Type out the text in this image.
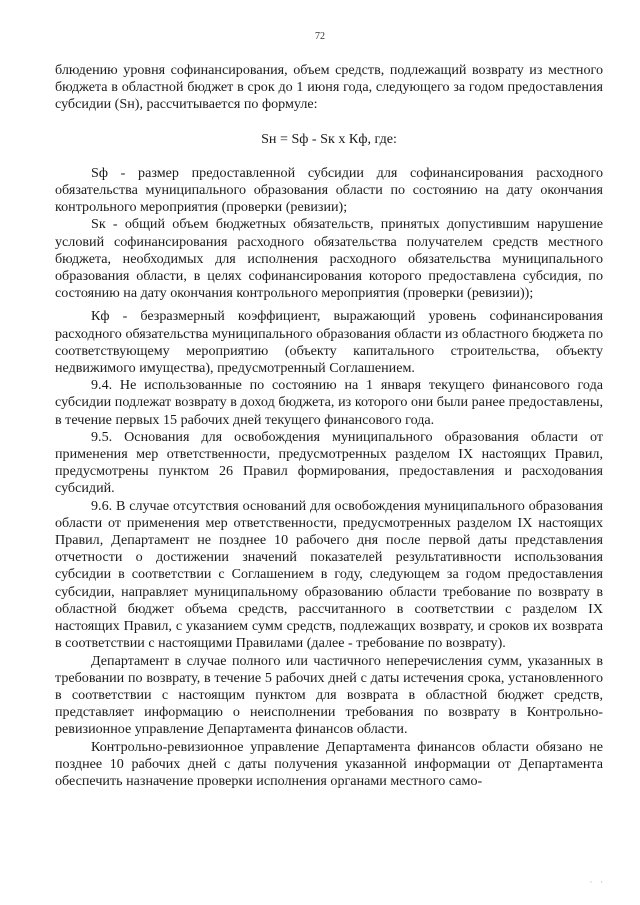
72

блюдению уровня софинансирования, объем средств, подлежащий возврату из местного бюджета в областной бюджет в срок до 1 июня года, следующего за годом предоставления субсидии (Sн), рассчитывается по формуле:

Sн = Sф - Sк х Кф, где:

Sф - размер предоставленной субсидии для софинансирования расходного обязательства муниципального образования области по состоянию на дату окончания контрольного мероприятия (проверки (ревизии);

Sк - общий объем бюджетных обязательств, принятых допустившим нарушение условий софинансирования расходного обязательства получателем средств местного бюджета, необходимых для исполнения расходного обязательства муниципального образования области, в целях софинансирования которого предоставлена субсидия, по состоянию на дату окончания контрольного мероприятия (проверки (ревизии));

Кф - безразмерный коэффициент, выражающий уровень софинансирования расходного обязательства муниципального образования области из областного бюджета по соответствующему мероприятию (объекту капитального строительства, объекту недвижимого имущества), предусмотренный Соглашением.

9.4. Не использованные по состоянию на 1 января текущего финансового года субсидии подлежат возврату в доход бюджета, из которого они были ранее предоставлены, в течение первых 15 рабочих дней текущего финансового года.

9.5. Основания для освобождения муниципального образования области от применения мер ответственности, предусмотренных разделом IX настоящих Правил, предусмотрены пунктом 26 Правил формирования, предоставления и расходования субсидий.

9.6. В случае отсутствия оснований для освобождения муниципального образования области от применения мер ответственности, предусмотренных разделом IX настоящих Правил, Департамент не позднее 10 рабочего дня после первой даты представления отчетности о достижении значений показателей результативности использования субсидии в соответствии с Соглашением в году, следующем за годом предоставления субсидии, направляет муниципальному образованию области требование по возврату в областной бюджет объема средств, рассчитанного в соответствии с разделом IX настоящих Правил, с указанием сумм средств, подлежащих возврату, и сроков их возврата в соответствии с настоящими Правилами (далее - требование по возврату).

Департамент в случае полного или частичного неперечисления сумм, указанных в требовании по возврату, в течение 5 рабочих дней с даты истечения срока, установленного в соответствии с настоящим пунктом для возврата в областной бюджет средств, представляет информацию о неисполнении требования по возврату в Контрольно-ревизионное управление Департамента финансов области.

Контрольно-ревизионное управление Департамента финансов области обязано не позднее 10 рабочих дней с даты получения указанной информации от Департамента обеспечить назначение проверки исполнения органами местного само-

· ·
